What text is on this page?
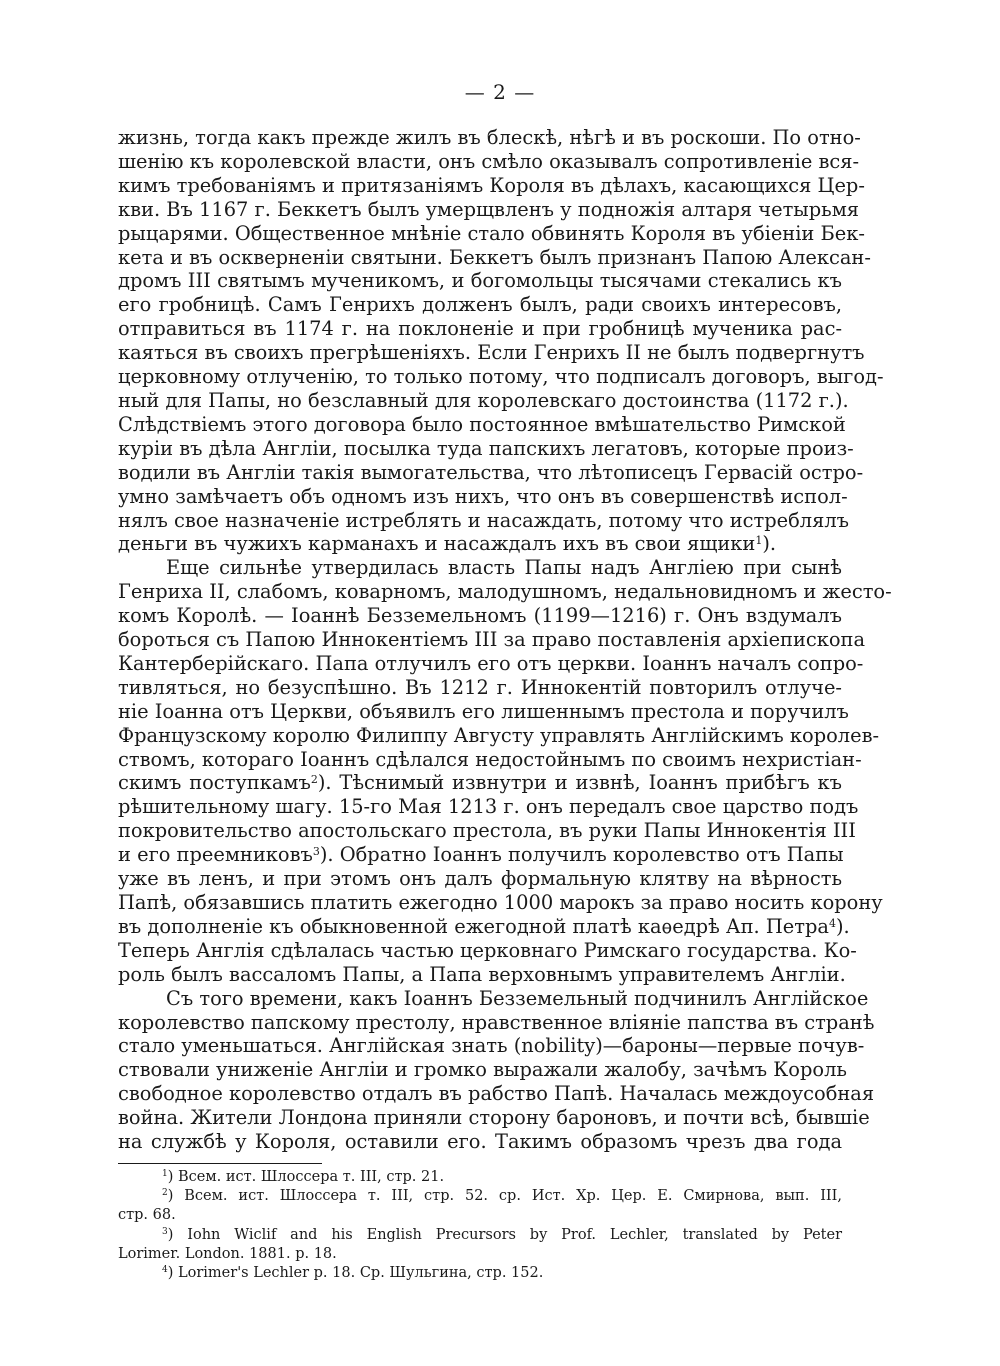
— 2 —
жизнь, тогда какъ прежде жилъ въ блескѣ, нѣгѣ и въ роскоши. По отно-
шенію къ королевской власти, онъ смѣло оказывалъ сопротивленіе вся-
кимъ требованіямъ и притязаніямъ Короля въ дѣлахъ, касающихся Цер-
кви. Въ 1167 г. Беккетъ былъ умерщвленъ у подножія алтаря четырьмя
рыцарями. Общественное мнѣніе стало обвинять Короля въ убіеніи Бек-
кета и въ оскверненіи святыни. Беккетъ былъ признанъ Папою Алексан-
дромъ III святымъ мученикомъ, и богомольцы тысячами стекались къ
его гробницѣ. Самъ Генрихъ долженъ былъ, ради своихъ интересовъ,
отправиться въ 1174 г. на поклоненіе и при гробницѣ мученика рас-
каяться въ своихъ прегрѣшеніяхъ. Если Генрихъ II не былъ подвергнутъ
церковному отлученію, то только потому, что подписалъ договоръ, выгод-
ный для Папы, но безславный для королевскаго достоинства (1172 г.).
Слѣдствіемъ этого договора было постоянное вмѣшательство Римской
куріи въ дѣла Англіи, посылка туда папскихъ легатовъ, которые произ-
водили въ Англіи такія вымогательства, что лѣтописецъ Гервасій остро-
умно замѣчаетъ объ одномъ изъ нихъ, что онъ въ совершенствѣ испол-
нялъ свое назначеніе истреблять и насаждать, потому что истреблялъ
деньги въ чужихъ карманахъ и насаждалъ ихъ въ свои ящики$^1$).
Еще сильнѣе утвердилась власть Папы надъ Англіею при сынѣ
Генриха II, слабомъ, коварномъ, малодушномъ, недальновидномъ и жесто-
комъ Королѣ. — Іоаннѣ Безземельномъ (1199—1216) г. Онъ вздумалъ
бороться съ Папою Иннокентіемъ III за право поставленія архіепископа
Кантерберійскаго. Папа отлучилъ его отъ церкви. Іоаннъ началъ сопро-
тивляться, но безуспѣшно. Въ 1212 г. Иннокентій повторилъ отлуче-
ніе Іоанна отъ Церкви, объявилъ его лишеннымъ престола и поручилъ
Французскому королю Филиппу Августу управлять Англійскимъ королев-
ствомъ, котораго Іоаннъ сдѣлался недостойнымъ по своимъ нехристіан-
скимъ поступкамъ$^2$). Тѣснимый извнутри и извнѣ, Іоаннъ прибѣгъ къ
рѣшительному шагу. 15-го Мая 1213 г. онъ передалъ свое царство подъ
покровительство апостольскаго престола, въ руки Папы Иннокентія III
и его преемниковъ$^3$). Обратно Іоаннъ получилъ королевство отъ Папы
уже въ ленъ, и при этомъ онъ далъ формальную клятву на вѣрность
Папѣ, обязавшись платить ежегодно 1000 марокъ за право носить корону
въ дополненіе къ обыкновенной ежегодной платѣ каѳедрѣ Ап. Петра$^4$).
Теперь Англія сдѣлалась частью церковнаго Римскаго государства. Ко-
роль былъ вассаломъ Папы, а Папа верховнымъ управителемъ Англіи.
Съ того времени, какъ Іоаннъ Безземельный подчинилъ Англійское
королевство папскому престолу, нравственное вліяніе папства въ странѣ
стало уменьшаться. Англійская знать (nobility)—бароны—первые почув-
ствовали униженіе Англіи и громко выражали жалобу, зачѣмъ Король
свободное королевство отдалъ въ рабство Папѣ. Началась междоусобная
война. Жители Лондона приняли сторону бароновъ, и почти всѣ, бывшіе
на службѣ у Короля, оставили его. Такимъ образомъ чрезъ два года
$^1$) Всем. ист. Шлоссера т. III, стр. 21.
$^2$) Всем. ист. Шлоссера т. III, стр. 52. ср. Ист. Хр. Цер. Е. Смирнова, вып. III,
стр. 68.
$^3$) Iohn Wiclif and his English Precursors by Prof. Lechler, translated by Peter
Lorimer. London. 1881. p. 18.
$^4$) Lorimer's Lechler p. 18. Ср. Шульгина, стр. 152.
